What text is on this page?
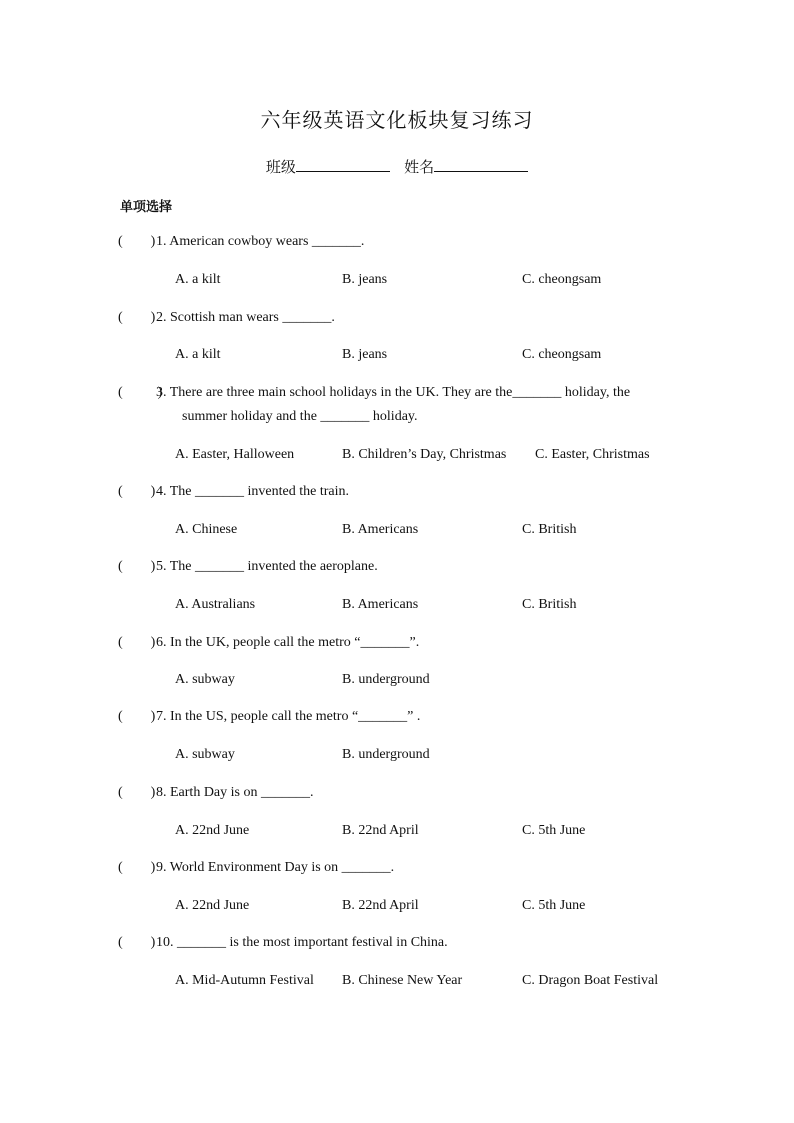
六年级英语文化板块复习练习
班级	姓名
单项选择
(        )1. American cowboy wears _______.
A. a kilt	B. jeans	C. cheongsam
(        )2. Scottish man wears _______.
A. a kilt	B. jeans	C. cheongsam
(          )3. There are three main school holidays in the UK. They are the_______ holiday, the
summer holiday and the _______ holiday.
A. Easter, Halloween	B. Children’s Day, Christmas C. Easter, Christmas
(        )4. The _______ invented the train.
A. Chinese	B. Americans	C. British
(        )5. The _______ invented the aeroplane.
A. Australians	B. Americans	C. British
(        )6. In the UK, people call the metro “_______”.
A. subway	B. underground
(        )7. In the US, people call the metro “_______” .
A. subway	B. underground
(        )8. Earth Day is on _______.
A. 22nd June	B. 22nd April	C. 5th June
(        )9. World Environment Day is on _______.
A. 22nd June	B. 22nd April	C. 5th June
(        )10. _______ is the most important festival in China.
A. Mid-Autumn Festival B. Chinese New Year	C. Dragon Boat Festival
